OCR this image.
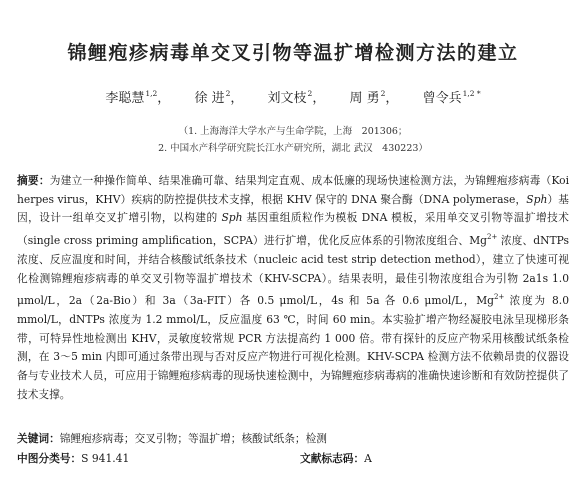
锦鲤疱疹病毒单交叉引物等温扩增检测方法的建立
李聪慧$^{1,2}$， 徐 进$^2$， 刘文枝$^2$， 周 勇$^2$， 曾令兵$^{1,2 *}$
（1. 上海海洋大学水产与生命学院，上海　201306；
2. 中国水产科学研究院长江水产研究所，湖北 武汉　430223）

摘要：为建立一种操作简单、结果准确可靠、结果判定直观、成本低廉的现场快速检测方法，为锦鲤疱疹病毒（Koi herpes virus，KHV）疾病的防控提供技术支撑，根据 KHV 保守的 DNA 聚合酶（DNA polymerase，Sph）基因，设计一组单交叉扩增引物，以构建的 Sph 基因重组质粒作为模板 DNA 模板，采用单交叉引物等温扩增技术（single cross priming amplification，SCPA）进行扩增，优化反应体系的引物浓度组合、$Mg^{2+}$ 浓度、dNTPs 浓度、反应温度和时间，并结合核酸试纸条技术（nucleic acid test strip detection method），建立了快速可视化检测锦鲤疱疹病毒的单交叉引物等温扩增技术（KHV-SCPA）。结果表明，最佳引物浓度组合为引物 2a1s 1.0 μmol/L，2a（2a-Bio）和 3a（3a-FIT）各 0.5 μmol/L，4s 和 5a 各 0.6 μmol/L，$Mg^{2+}$ 浓度为 8.0 mmol/L，dNTPs 浓度为 1.2 mmol/L，反应温度 63 ℃，时间 60 min。本实验扩增产物经凝胶电泳呈现梯形条带，可特异性地检测出 KHV，灵敏度较常规 PCR 方法提高约 1 000 倍。带有探针的反应产物采用核酸试纸条检测，在 3～5 min 内即可通过条带出现与否对反应产物进行可视化检测。KHV-SCPA 检测方法不依赖昂贵的仪器设备与专业技术人员，可应用于锦鲤疱疹病毒的现场快速检测中，为锦鲤疱疹病毒病的准确快速诊断和有效防控提供了技术支撑。

关键词：锦鲤疱疹病毒；交叉引物；等温扩增；核酸试纸条；检测
中图分类号：S 941.41	文献标志码：A
